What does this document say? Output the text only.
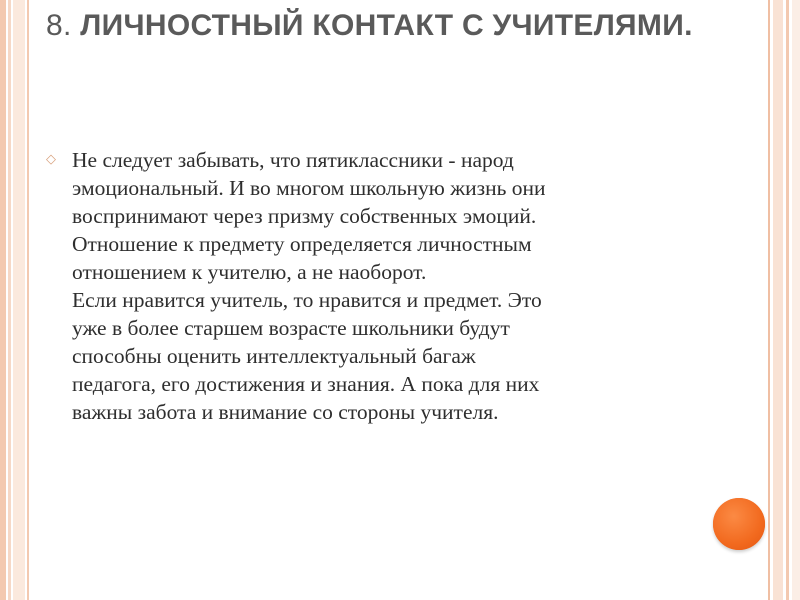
8. ЛИЧНОСТНЫЙ КОНТАКТ С УЧИТЕЛЯМИ.
◇ Не следует забывать, что пятиклассники - народ
эмоциональный. И во многом школьную жизнь они
воспринимают через призму собственных эмоций.
Отношение к предмету определяется личностным
отношением к учителю, а не наоборот.
Если нравится учитель, то нравится и предмет. Это
уже в более старшем возрасте школьники будут
способны оценить интеллектуальный багаж
педагога, его достижения и знания. А пока для них
важны забота и внимание со стороны учителя.
